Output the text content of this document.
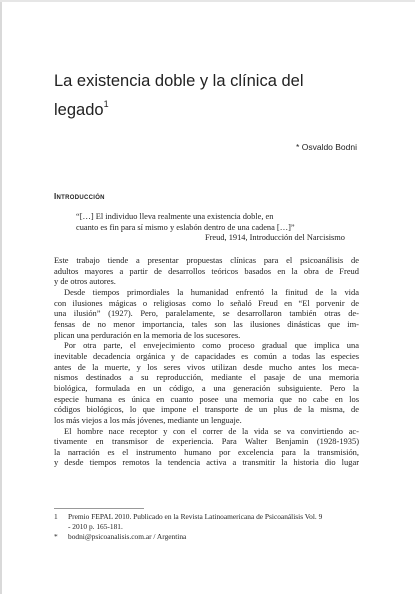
La existencia doble y la clínica del
legado$^1$
* Osvaldo Bodni
Introducción
“[…] El individuo lleva realmente una existencia doble, en
cuanto es fin para sí mismo y eslabón dentro de una cadena […]”
Freud, 1914, Introducción del Narcisismo
Este trabajo tiende a presentar propuestas clínicas para el psicoanálisis de
adultos mayores a partir de desarrollos teóricos basados en la obra de Freud
y de otros autores.
Desde tiempos primordiales la humanidad enfrentó la finitud de la vida
con ilusiones mágicas o religiosas como lo señaló Freud en “El porvenir de
una ilusión” (1927). Pero, paralelamente, se desarrollaron también otras de-
fensas de no menor importancia, tales son las ilusiones dinásticas que im-
plican una perduración en la memoria de los sucesores.
Por otra parte, el envejecimiento como proceso gradual que implica una
inevitable decadencia orgánica y de capacidades es común a todas las especies
antes de la muerte, y los seres vivos utilizan desde mucho antes los meca-
nismos destinados a su reproducción, mediante el pasaje de una memoria
biológica, formulada en un código, a una generación subsiguiente. Pero la
especie humana es única en cuanto posee una memoria que no cabe en los
códigos biológicos, lo que impone el transporte de un plus de la misma, de
los más viejos a los más jóvenes, mediante un lenguaje.
El hombre nace receptor y con el correr de la vida se va convirtiendo ac-
tivamente en transmisor de experiencia. Para Walter Benjamin (1928-1935)
la narración es el instrumento humano por excelencia para la transmisión,
y desde tiempos remotos la tendencia activa a transmitir la historia dio lugar
1 Premio FEPAL 2010. Publicado en la Revista Latinoamericana de Psicoanálisis Vol. 9
- 2010 p. 165-181.
* bodni@psicoanalisis.com.ar / Argentina
